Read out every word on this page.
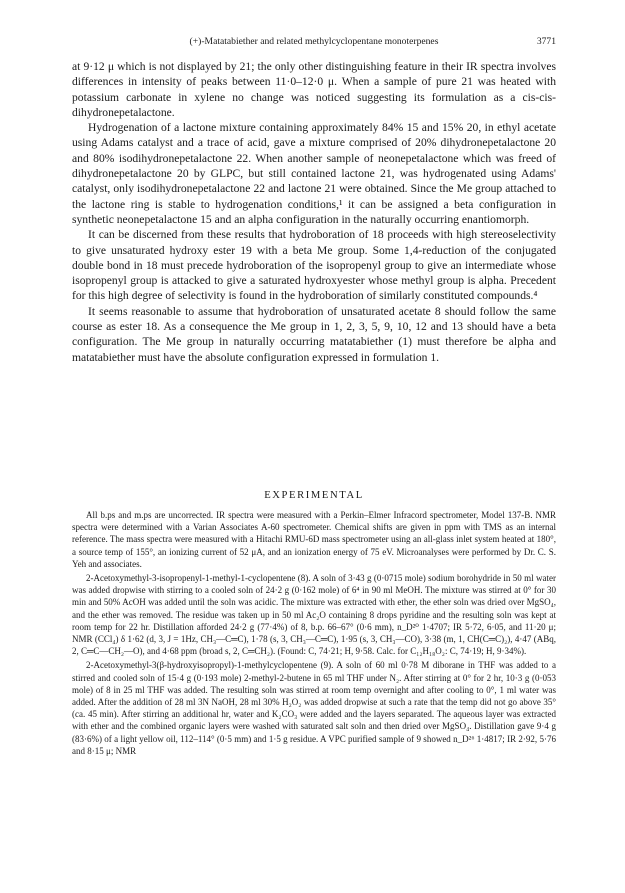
(+)-Matatabiether and related methylcyclopentane monoterpenes	3771

at 9·12 μ which is not displayed by 21; the only other distinguishing feature in their IR spectra involves differences in intensity of peaks between 11·0–12·0 μ. When a sample of pure 21 was heated with potassium carbonate in xylene no change was noticed suggesting its formulation as a cis-cis-dihydronepetalactone.

Hydrogenation of a lactone mixture containing approximately 84% 15 and 15% 20, in ethyl acetate using Adams catalyst and a trace of acid, gave a mixture comprised of 20% dihydronepetalactone 20 and 80% isodihydronepetalactone 22. When another sample of neonepetalactone which was freed of dihydronepetalactone 20 by GLPC, but still contained lactone 21, was hydrogenated using Adams' catalyst, only isodihydronepetalactone 22 and lactone 21 were obtained. Since the Me group attached to the lactone ring is stable to hydrogenation conditions,¹ it can be assigned a beta configuration in synthetic neonepetalactone 15 and an alpha configuration in the naturally occurring enantiomorph.

It can be discerned from these results that hydroboration of 18 proceeds with high stereoselectivity to give unsaturated hydroxy ester 19 with a beta Me group. Some 1,4-reduction of the conjugated double bond in 18 must precede hydroboration of the isopropenyl group to give an intermediate whose isopropenyl group is attacked to give a saturated hydroxyester whose methyl group is alpha. Precedent for this high degree of selectivity is found in the hydroboration of similarly constituted compounds.⁴

It seems reasonable to assume that hydroboration of unsaturated acetate 8 should follow the same course as ester 18. As a consequence the Me group in 1, 2, 3, 5, 9, 10, 12 and 13 should have a beta configuration. The Me group in naturally occurring matatabiether (1) must therefore be alpha and matatabiether must have the absolute configuration expressed in formulation 1.

EXPERIMENTAL

All b.ps and m.ps are uncorrected. IR spectra were measured with a Perkin–Elmer Infracord spectrometer, Model 137-B. NMR spectra were determined with a Varian Associates A-60 spectrometer. Chemical shifts are given in ppm with TMS as an internal reference. The mass spectra were measured with a Hitachi RMU-6D mass spectrometer using an all-glass inlet system heated at 180°, a source temp of 155°, an ionizing current of 52 μA, and an ionization energy of 75 eV. Microanalyses were performed by Dr. C. S. Yeh and associates.

2-Acetoxymethyl-3-isopropenyl-1-methyl-1-cyclopentene (8). A soln of 3·43 g (0·0715 mole) sodium borohydride in 50 ml water was added dropwise with stirring to a cooled soln of 24·2 g (0·162 mole) of 6⁴ in 90 ml MeOH. The mixture was stirred at 0° for 30 min and 50% AcOH was added until the soln was acidic. The mixture was extracted with ether, the ether soln was dried over MgSO₄, and the ether was removed. The residue was taken up in 50 ml Ac₂O containing 8 drops pyridine and the resulting soln was kept at room temp for 22 hr. Distillation afforded 24·2 g (77·4%) of 8, b.p. 66–67° (0·6 mm), n_D²⁰ 1·4707; IR 5·72, 6·05, and 11·20 μ; NMR (CCl₄) δ 1·62 (d, 3, J = 1Hz, CH₃—C═C), 1·78 (s, 3, CH₃—C═C), 1·95 (s, 3, CH₃—CO), 3·38 (m, 1, CH(C═C)₂), 4·47 (ABq, 2, C═C—CH₂—O), and 4·68 ppm (broad s, 2, C═CH₂). (Found: C, 74·21; H, 9·58. Calc. for C₁₂H₁₈O₂: C, 74·19; H, 9·34%).

2-Acetoxymethyl-3(β-hydroxyisopropyl)-1-methylcyclopentene (9). A soln of 60 ml 0·78 M diborane in THF was added to a stirred and cooled soln of 15·4 g (0·193 mole) 2-methyl-2-butene in 65 ml THF under N₂. After stirring at 0° for 2 hr, 10·3 g (0·053 mole) of 8 in 25 ml THF was added. The resulting soln was stirred at room temp overnight and after cooling to 0°, 1 ml water was added. After the addition of 28 ml 3N NaOH, 28 ml 30% H₂O₂ was added dropwise at such a rate that the temp did not go above 35° (ca. 45 min). After stirring an additional hr, water and K₂CO₃ were added and the layers separated. The aqueous layer was extracted with ether and the combined organic layers were washed with saturated salt soln and then dried over MgSO₄. Distillation gave 9·4 g (83·6%) of a light yellow oil, 112–114° (0·5 mm) and 1·5 g residue. A VPC purified sample of 9 showed n_D²⁶ 1·4817; IR 2·92, 5·76 and 8·15 μ; NMR
